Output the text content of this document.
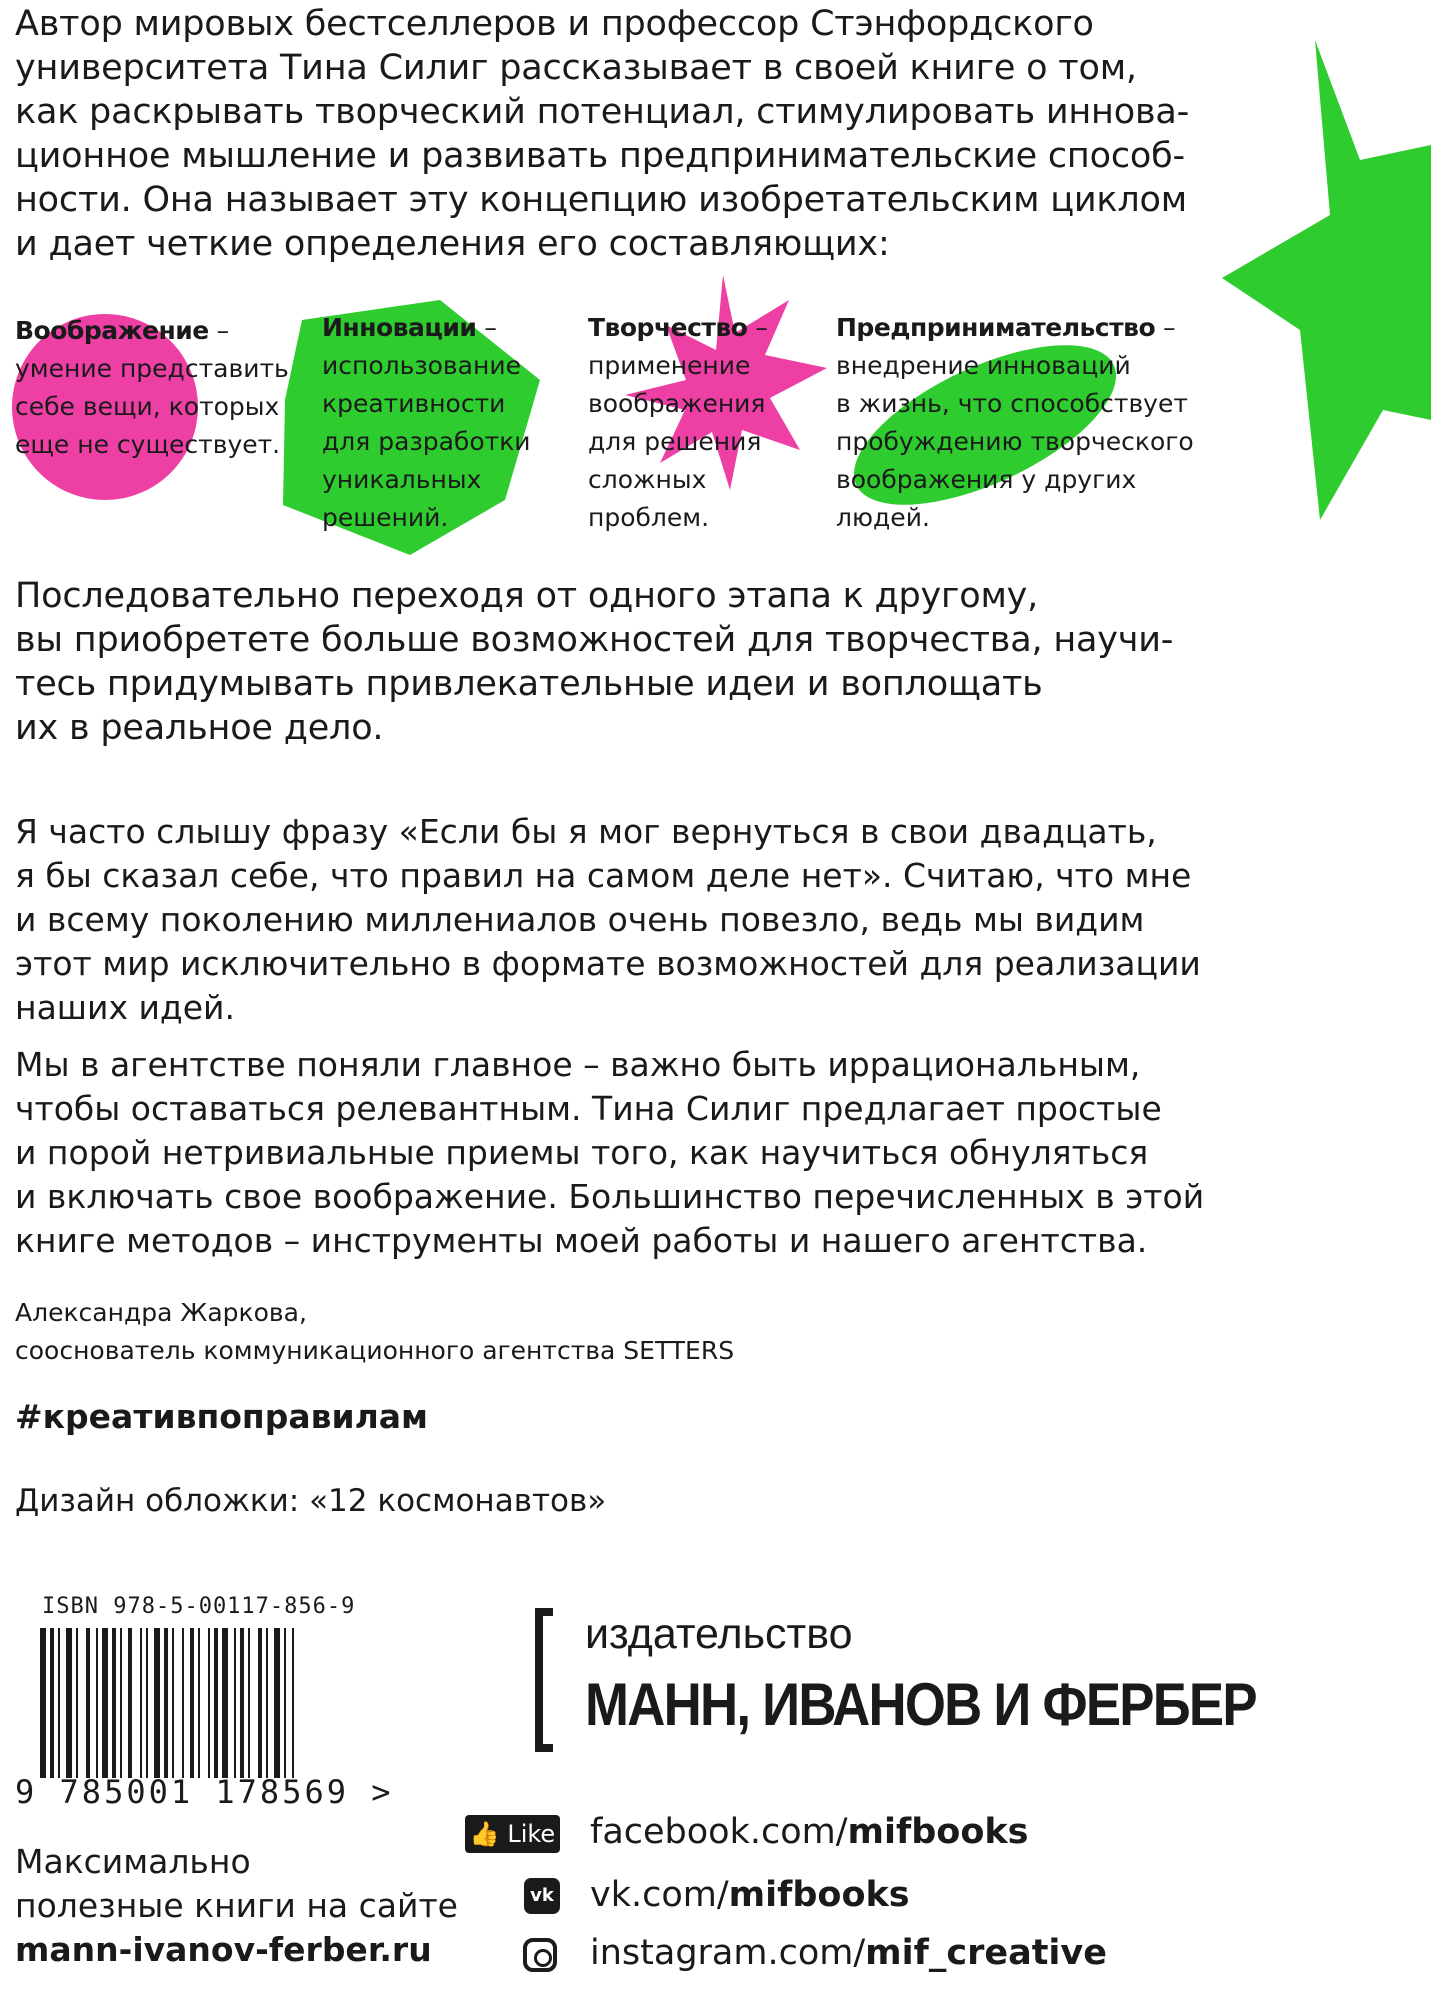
Автор мировых бестселлеров и профессор Стэнфордского
университета Тина Силиг рассказывает в своей книге о том,
как раскрывать творческий потенциал, стимулировать иннова-
ционное мышление и развивать предпринимательские способ-
ности. Она называет эту концепцию изобретательским циклом
и дает четкие определения его составляющих:
Воображение –
умение представить
себе вещи, которых
еще не существует.
Инновации –
использование
креативности
для разработки
уникальных
решений.
Творчество –
применение
воображения
для решения
сложных
проблем.
Предпринимательство –
внедрение инноваций
в жизнь, что способствует
пробуждению творческого
воображения у других
людей.
Последовательно переходя от одного этапа к другому,
вы приобретете больше возможностей для творчества, научи-
тесь придумывать привлекательные идеи и воплощать
их в реальное дело.
Я часто слышу фразу «Если бы я мог вернуться в свои двадцать,
я бы сказал себе, что правил на самом деле нет». Считаю, что мне
и всему поколению миллениалов очень повезло, ведь мы видим
этот мир исключительно в формате возможностей для реализации
наших идей.
Мы в агентстве поняли главное – важно быть иррациональным,
чтобы оставаться релевантным. Тина Силиг предлагает простые
и порой нетривиальные приемы того, как научиться обнуляться
и включать свое воображение. Большинство перечисленных в этой
книге методов – инструменты моей работы и нашего агентства.
Александра Жаркова,
сооснователь коммуникационного агентства SETTERS
#креативпоправилам
Дизайн обложки: «12 космонавтов»
ISBN 978-5-00117-856-9
9 785001 178569 >
Максимально
полезные книги на сайте
mann-ivanov-ferber.ru
издательство
МАНН, ИВАНОВ И ФЕРБЕР
👍 Like facebook.com/mifbooks
vk vk.com/mifbooks
instagram.com/mif_creative
